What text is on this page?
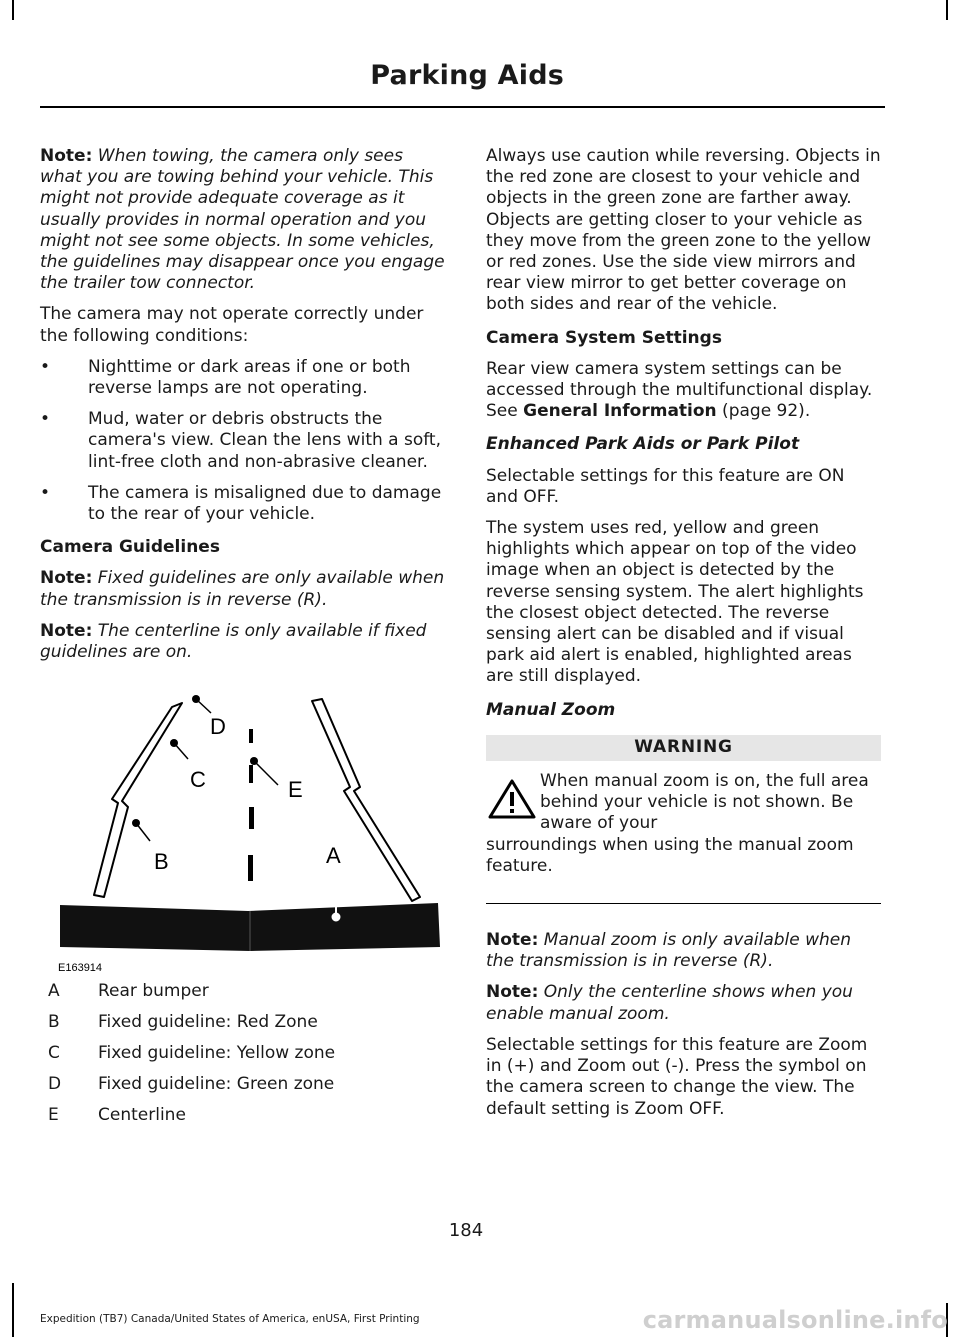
Parking Aids

Note: When towing, the camera only sees what you are towing behind your vehicle. This might not provide adequate coverage as it usually provides in normal operation and you might not see some objects. In some vehicles, the guidelines may disappear once you engage the trailer tow connector.

The camera may not operate correctly under the following conditions:

• Nighttime or dark areas if one or both reverse lamps are not operating.
• Mud, water or debris obstructs the camera's view. Clean the lens with a soft, lint-free cloth and non-abrasive cleaner.
• The camera is misaligned due to damage to the rear of your vehicle.
Camera Guidelines

Note: Fixed guidelines are only available when the transmission is in reverse (R).

Note: The centerline is only available if fixed guidelines are on.

D
C	E
B	A
E163914
A	Rear bumper
B	Fixed guideline: Red Zone
C	Fixed guideline: Yellow zone
D	Fixed guideline: Green zone
E	Centerline

Always use caution while reversing. Objects in the red zone are closest to your vehicle and objects in the green zone are farther away. Objects are getting closer to your vehicle as they move from the green zone to the yellow or red zones. Use the side view mirrors and rear view mirror to get better coverage on both sides and rear of the vehicle.

Camera System Settings

Rear view camera system settings can be accessed through the multifunctional display. See General Information (page 92).

Enhanced Park Aids or Park Pilot

Selectable settings for this feature are ON and OFF.

The system uses red, yellow and green highlights which appear on top of the video image when an object is detected by the reverse sensing system. The alert highlights the closest object detected. The reverse sensing alert can be disabled and if visual park aid alert is enabled, highlighted areas are still displayed.

Manual Zoom
WARNING
When manual zoom is on, the full area behind your vehicle is not shown. Be aware of your
surroundings when using the manual zoom feature.

Note: Manual zoom is only available when the transmission is in reverse (R).

Note: Only the centerline shows when you enable manual zoom.

Selectable settings for this feature are Zoom in (+) and Zoom out (-). Press the symbol on the camera screen to change the view. The default setting is Zoom OFF.

184
Expedition (TB7) Canada/United States of America, enUSA, First Printing	carmanualsonline.info
